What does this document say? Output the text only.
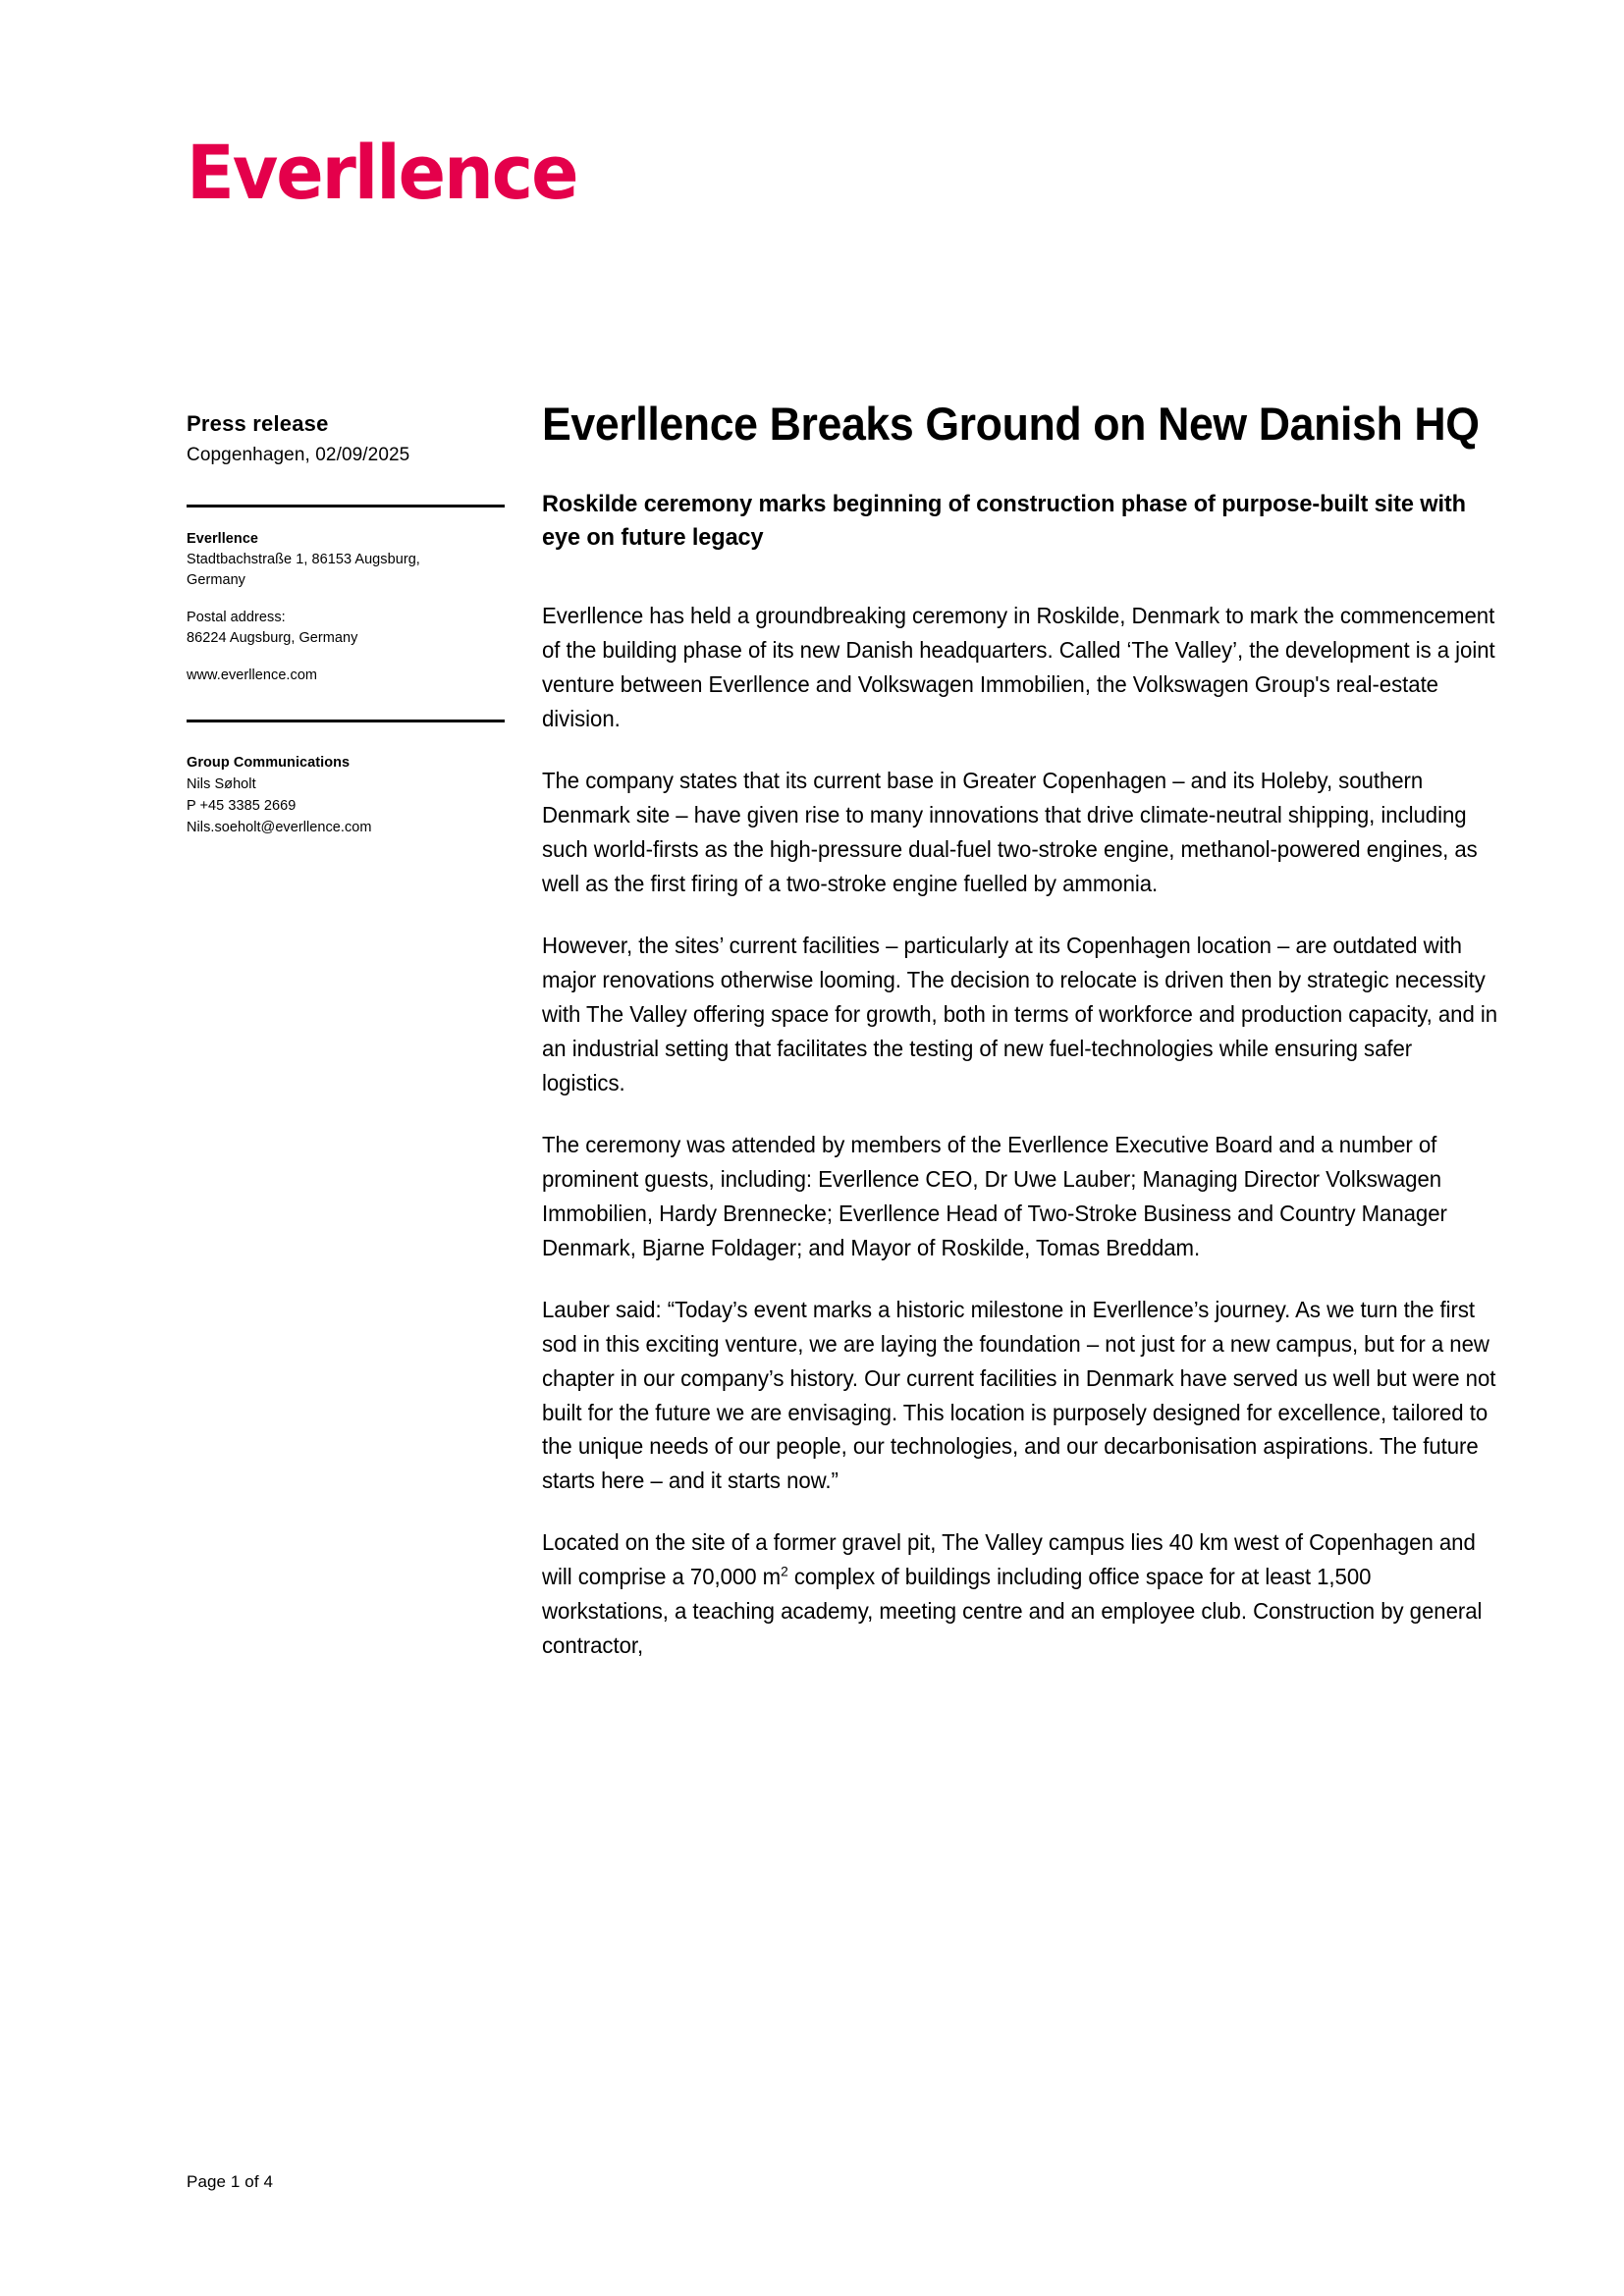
Everllence
Press release

Copgenhagen, 02/09/2025

Everllence

Stadtbachstraße 1, 86153 Augsburg,

Germany

Postal address:

86224 Augsburg, Germany

www.everllence.com

Group Communications
Nils Søholt
P +45 3385 2669
Nils.soeholt@everllence.com
Everllence Breaks Ground on New Danish HQ
Roskilde ceremony marks beginning of construction phase of purpose-built site with eye on future legacy

Everllence has held a groundbreaking ceremony in Roskilde, Denmark to mark the commencement of the building phase of its new Danish headquarters. Called ‘The Valley’, the development is a joint venture between Everllence and Volkswagen Immobilien, the Volkswagen Group's real-estate division.

The company states that its current base in Greater Copenhagen – and its Holeby, southern Denmark site – have given rise to many innovations that drive climate-neutral shipping, including such world-firsts as the high-pressure dual-fuel two-stroke engine, methanol-powered engines, as well as the first firing of a two-stroke engine fuelled by ammonia.

However, the sites’ current facilities – particularly at its Copenhagen location – are outdated with major renovations otherwise looming. The decision to relocate is driven then by strategic necessity with The Valley offering space for growth, both in terms of workforce and production capacity, and in an industrial setting that facilitates the testing of new fuel-technologies while ensuring safer logistics.

The ceremony was attended by members of the Everllence Executive Board and a number of prominent guests, including: Everllence CEO, Dr Uwe Lauber; Managing Director Volkswagen Immobilien, Hardy Brennecke; Everllence Head of Two-Stroke Business and Country Manager Denmark, Bjarne Foldager; and Mayor of Roskilde, Tomas Breddam.

Lauber said: “Today’s event marks a historic milestone in Everllence’s journey. As we turn the first sod in this exciting venture, we are laying the foundation – not just for a new campus, but for a new chapter in our company’s history. Our current facilities in Denmark have served us well but were not built for the future we are envisaging. This location is purposely designed for excellence, tailored to the unique needs of our people, our technologies, and our decarbonisation aspirations. The future starts here – and it starts now.”

Located on the site of a former gravel pit, The Valley campus lies 40 km west of Copenhagen and will comprise a 70,000 $m^2$ complex of buildings including office space for at least 1,500 workstations, a teaching academy, meeting centre and an employee club. Construction by general contractor,

Page 1 of 4
